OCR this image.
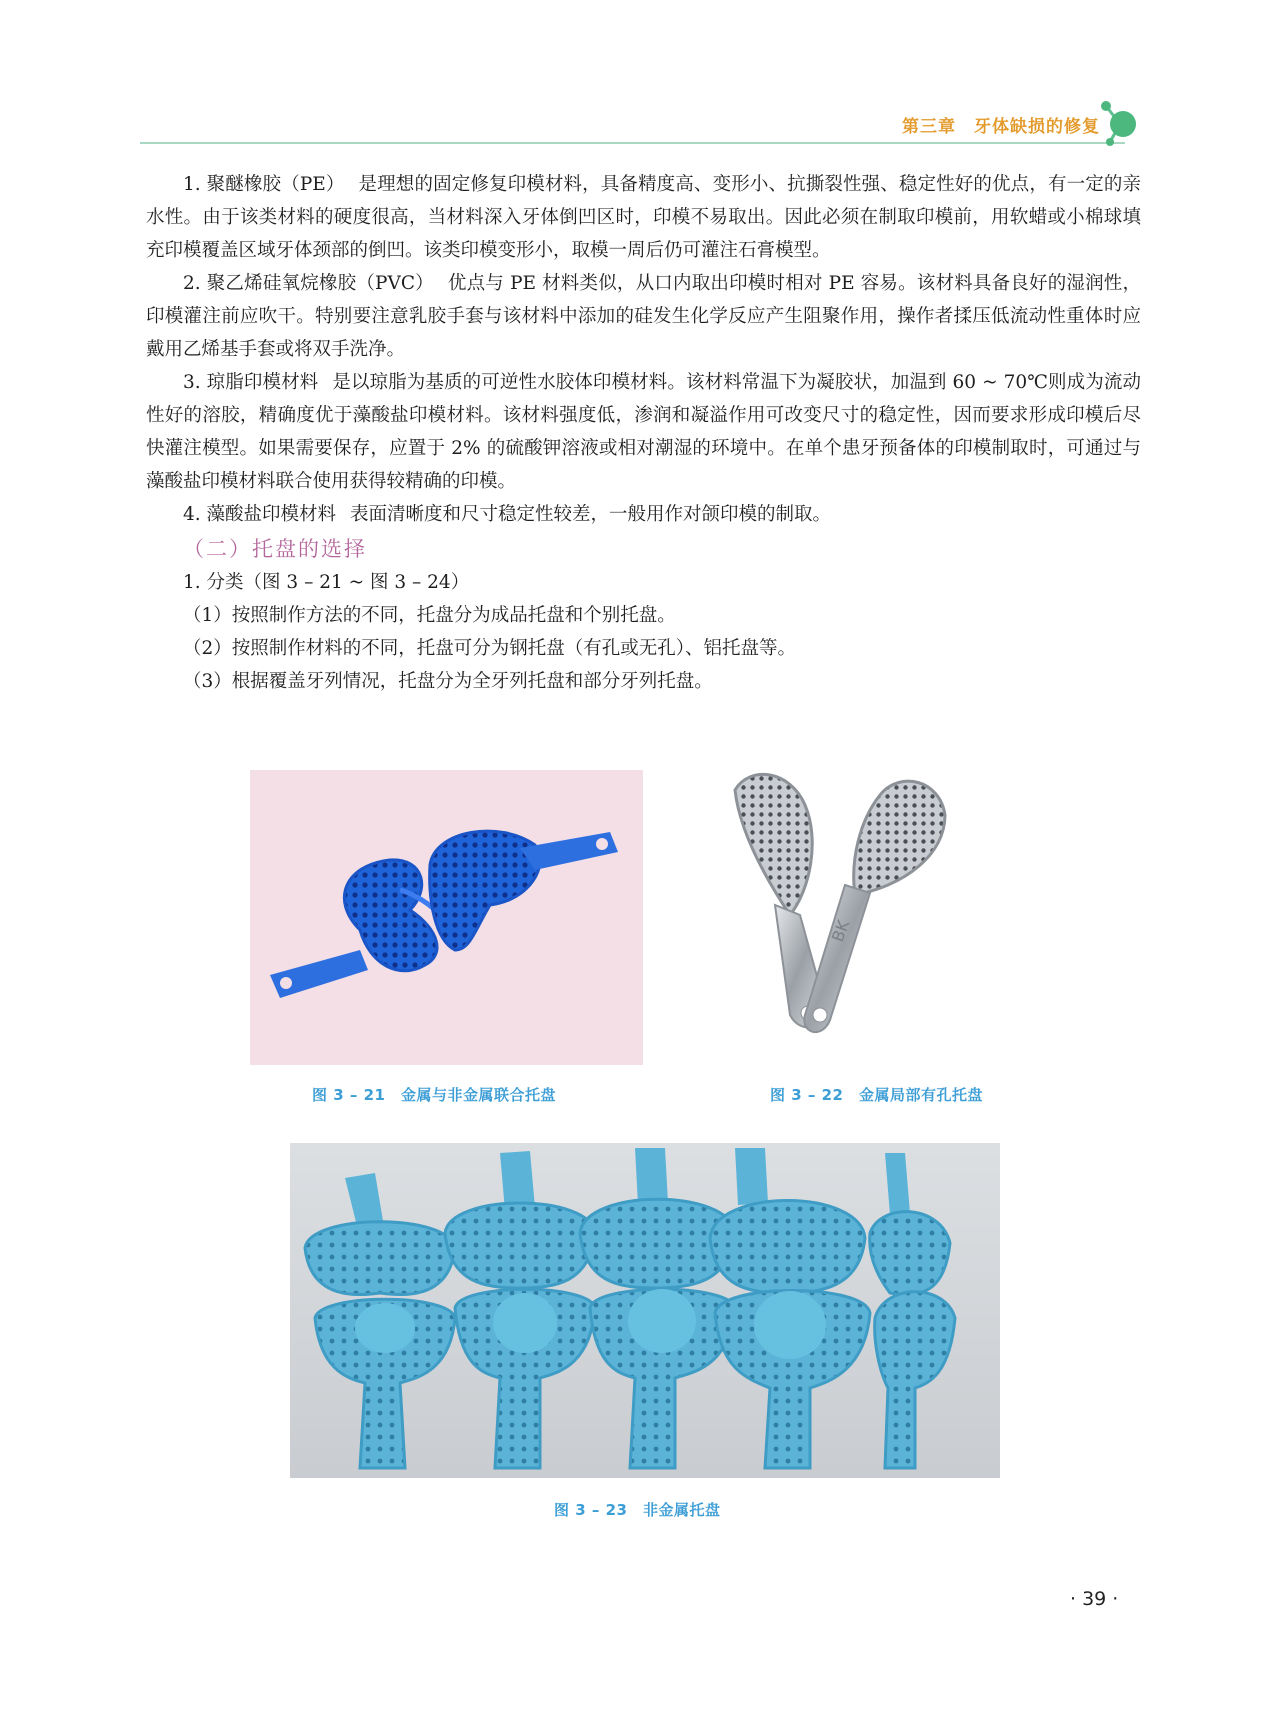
第三章　牙体缺损的修复

1. 聚醚橡胶（PE） 是理想的固定修复印模材料，具备精度高、变形小、抗撕裂性强、稳定性好的优点，有一定的亲水性。由于该类材料的硬度很高，当材料深入牙体倒凹区时，印模不易取出。因此必须在制取印模前，用软蜡或小棉球填充印模覆盖区域牙体颈部的倒凹。该类印模变形小，取模一周后仍可灌注石膏模型。

2. 聚乙烯硅氧烷橡胶（PVC） 优点与 PE 材料类似，从口内取出印模时相对 PE 容易。该材料具备良好的湿润性，印模灌注前应吹干。特别要注意乳胶手套与该材料中添加的硅发生化学反应产生阻聚作用，操作者揉压低流动性重体时应戴用乙烯基手套或将双手洗净。

3. 琼脂印模材料 是以琼脂为基质的可逆性水胶体印模材料。该材料常温下为凝胶状，加温到 60 ~ 70℃则成为流动性好的溶胶，精确度优于藻酸盐印模材料。该材料强度低，渗润和凝溢作用可改变尺寸的稳定性，因而要求形成印模后尽快灌注模型。如果需要保存，应置于 2% 的硫酸钾溶液或相对潮湿的环境中。在单个患牙预备体的印模制取时，可通过与藻酸盐印模材料联合使用获得较精确的印模。

4. 藻酸盐印模材料 表面清晰度和尺寸稳定性较差，一般用作对颌印模的制取。

（二）托盘的选择

1. 分类（图 3 – 21 ~ 图 3 – 24）

（1）按照制作方法的不同，托盘分为成品托盘和个别托盘。

（2）按照制作材料的不同，托盘可分为钢托盘（有孔或无孔）、铝托盘等。

（3）根据覆盖牙列情况，托盘分为全牙列托盘和部分牙列托盘。

图 3 – 21　金属与非金属联合托盘
BK
图 3 – 22　金属局部有孔托盘
图 3 – 23　非金属托盘
· 39 ·
